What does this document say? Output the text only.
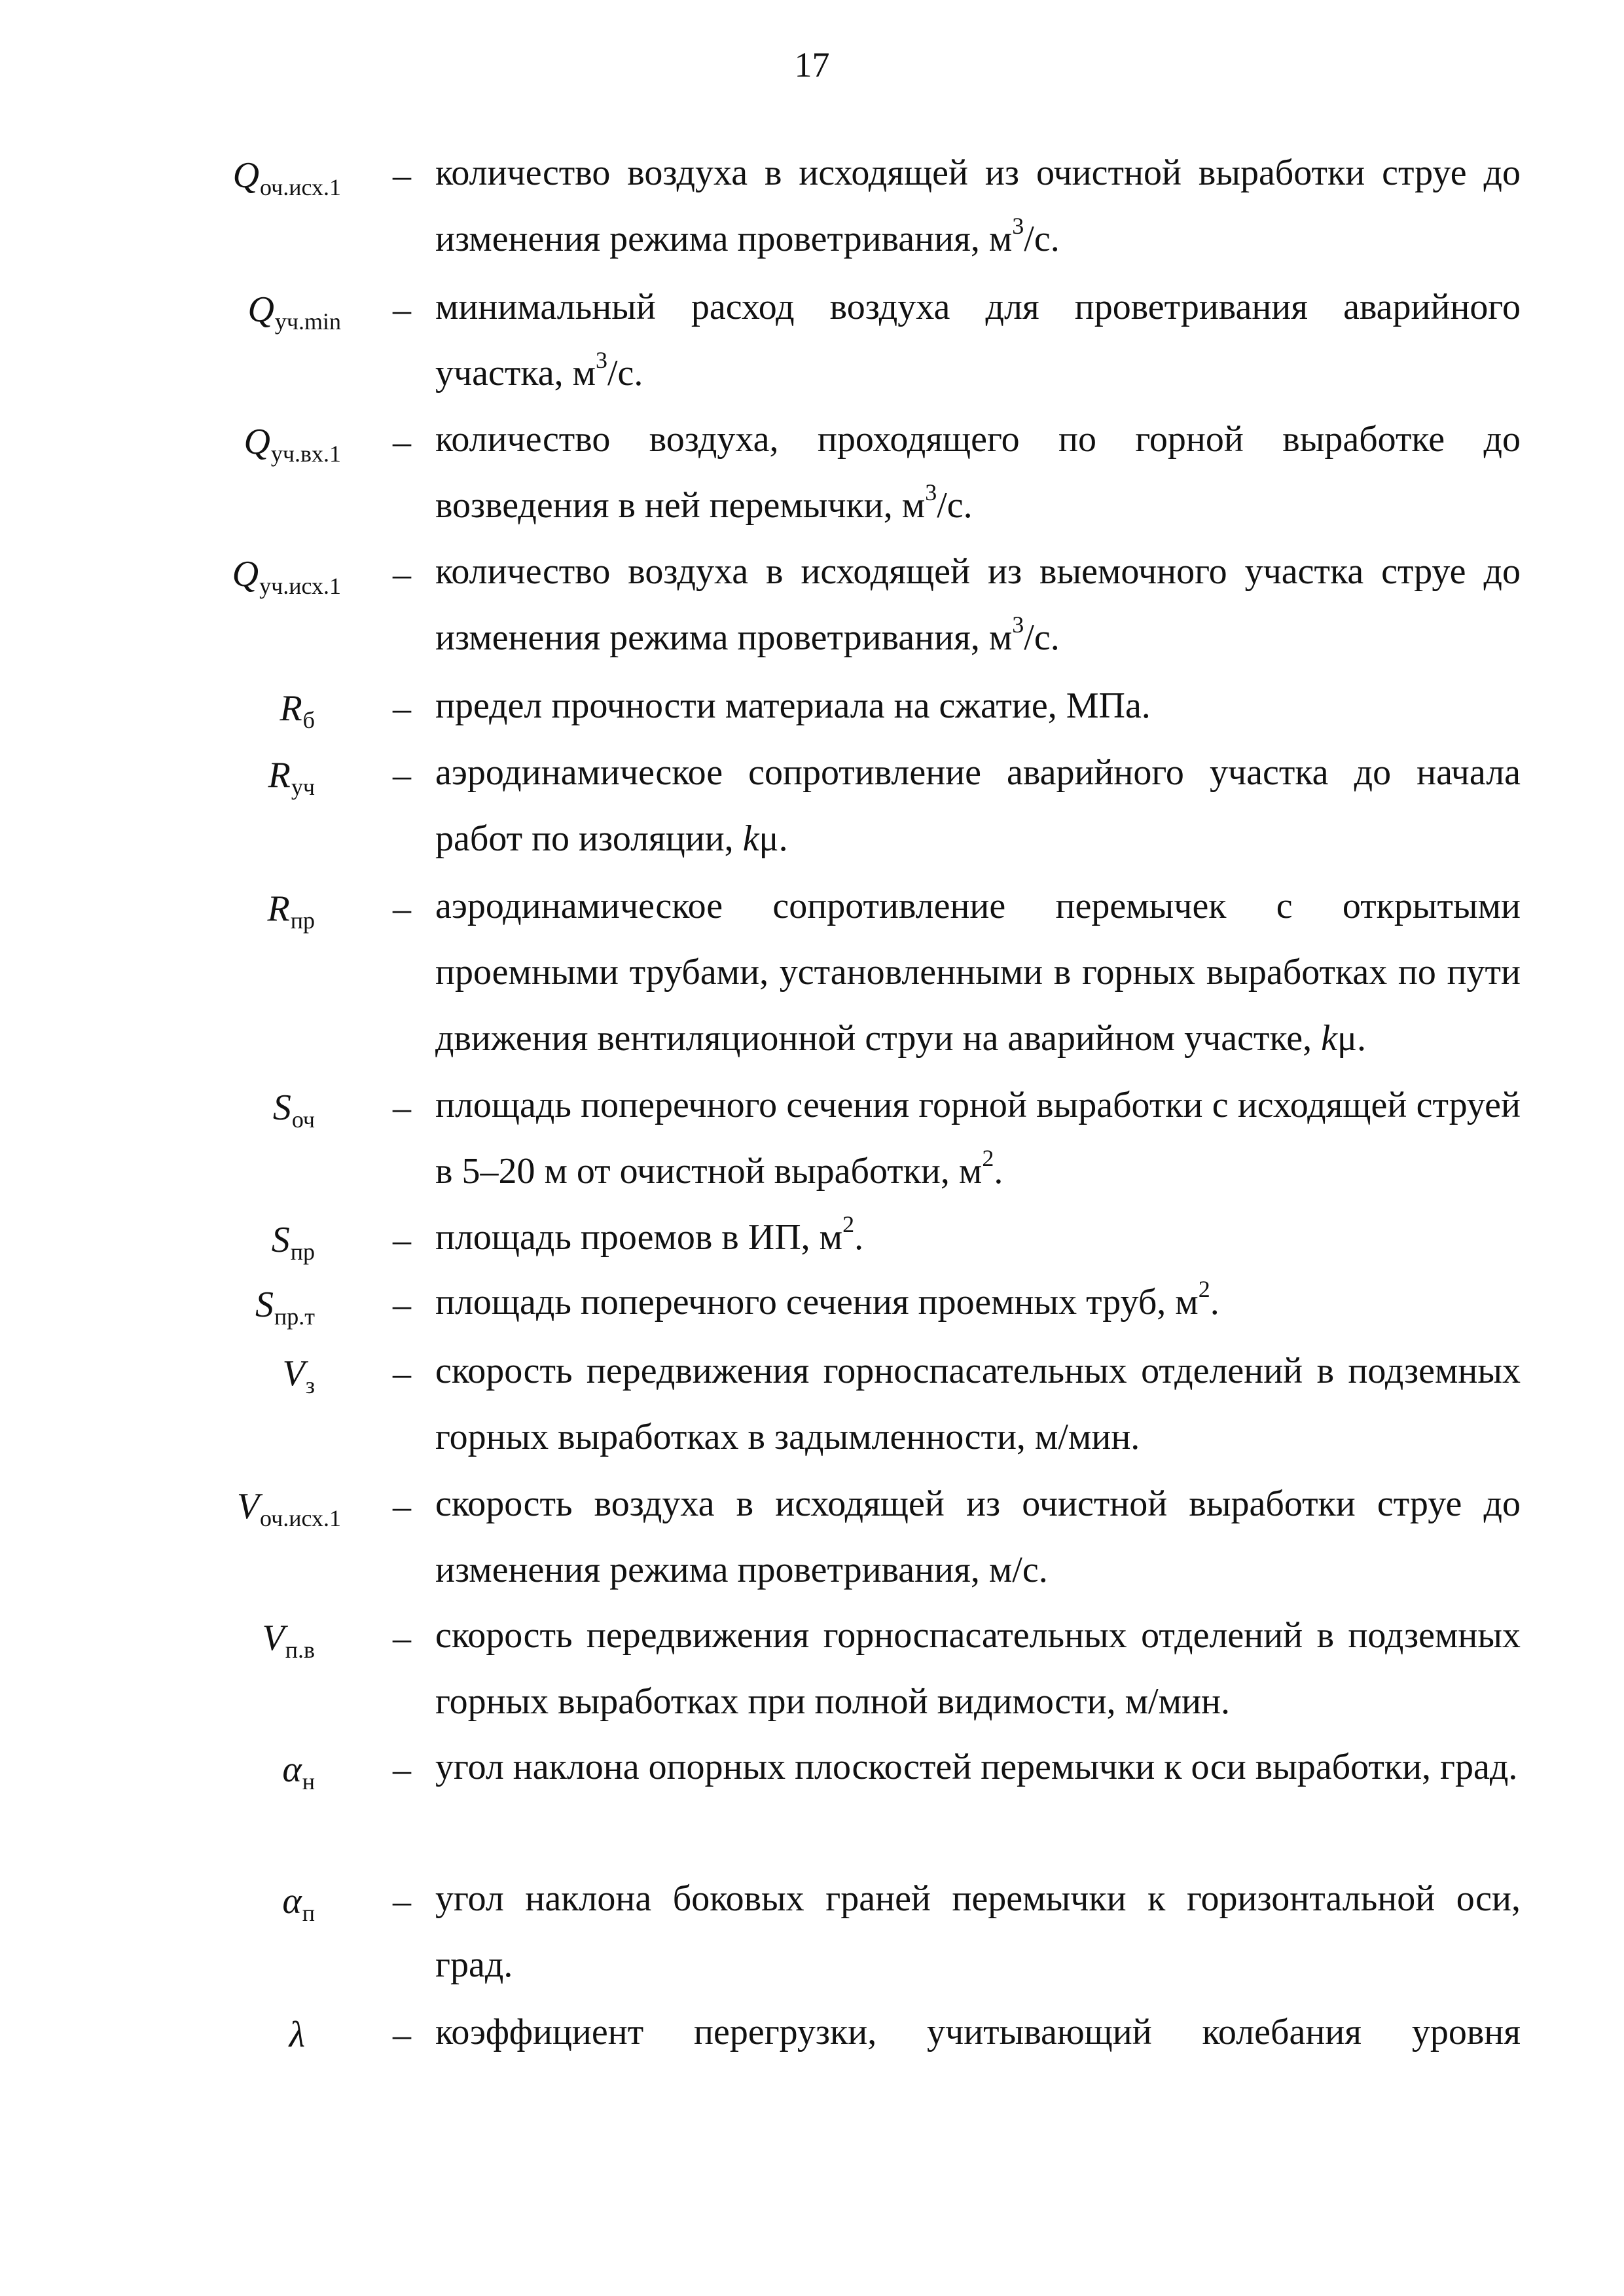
17
$Q_{оч.исх.1}$ – количество воздуха в исходящей из очистной выработки струе до изменения режима проветривания, $м^3/с$.
$Q_{уч.min}$ – минимальный расход воздуха для проветривания аварийного участка, $м^3/с$.
$Q_{уч.вх.1}$ – количество воздуха, проходящего по горной выработке до возведения в ней перемычки, $м^3/с$.
$Q_{уч.исх.1}$ – количество воздуха в исходящей из выемочного участка струе до изменения режима проветривания, $м^3/с$.
$R_б$ – предел прочности материала на сжатие, МПа.
$R_{уч}$ – аэродинамическое сопротивление аварийного участка до начала работ по изоляции, kμ.
$R_{пр}$ – аэродинамическое сопротивление перемычек с открытыми проемными трубами, установленными в горных выработках по пути движения вентиляционной струи на аварийном участке, kμ.
$S_{оч}$ – площадь поперечного сечения горной выработки с исходящей струей в 5–20 м от очистной выработки, $м^2$.
$S_{пр}$ – площадь проемов в ИП, $м^2$.
$S_{пр.т}$ – площадь поперечного сечения проемных труб, $м^2$.
$V_з$ – скорость передвижения горноспасательных отделений в подземных горных выработках в задымленности, м/мин.
$V_{оч.исх.1}$ – скорость воздуха в исходящей из очистной выработки струе до изменения режима проветривания, м/с.
$V_{п.в}$ – скорость передвижения горноспасательных отделений в подземных горных выработках при полной видимости, м/мин.
$\alpha_н$ – угол наклона опорных плоскостей перемычки к оси выработки, град.
$\alpha_п$ – угол наклона боковых граней перемычки к горизонтальной оси, град.
λ – коэффициент перегрузки, учитывающий колебания уровня
